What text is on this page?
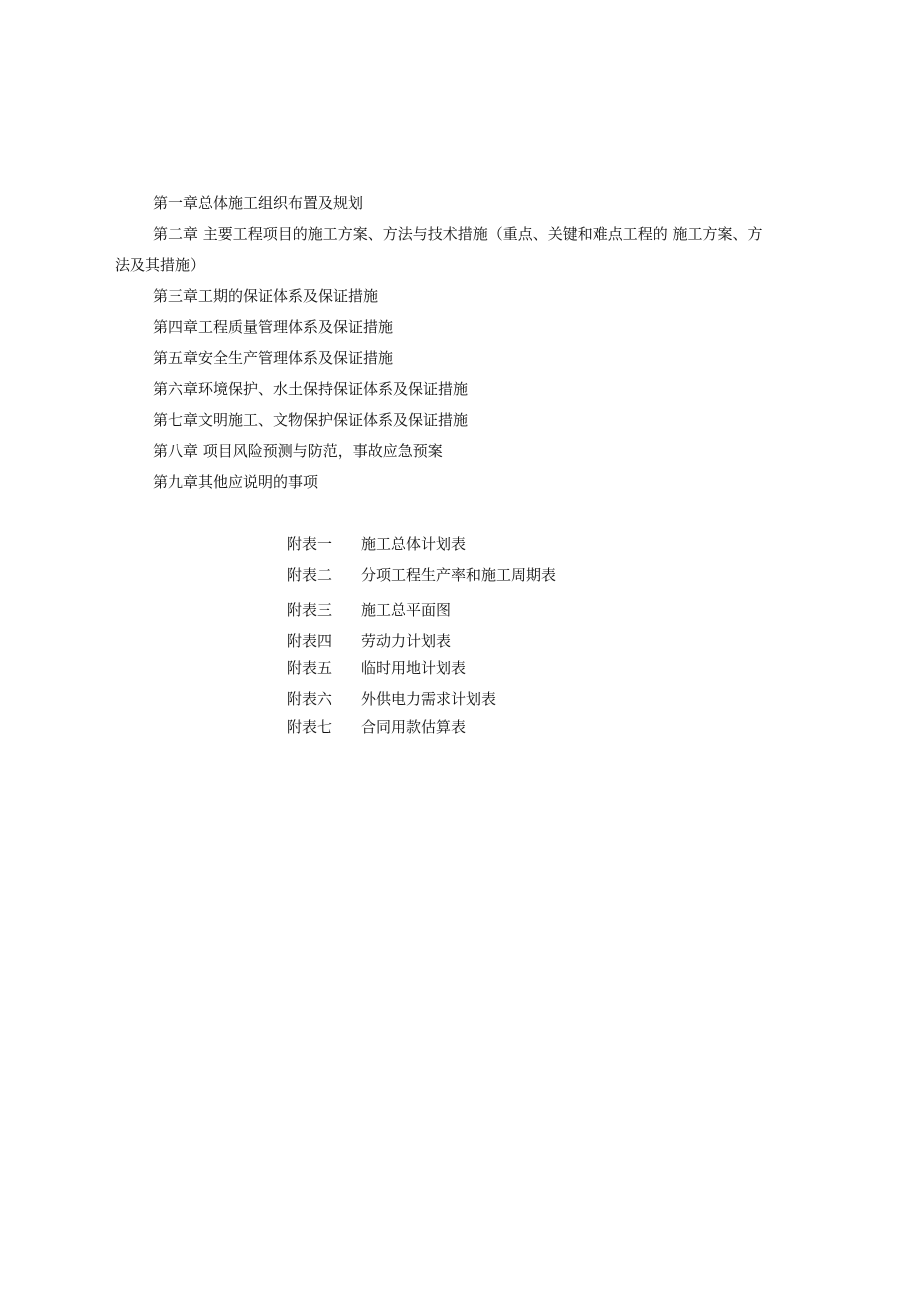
第一章总体施工组织布置及规划

第二章 主要工程项目的施工方案、方法与技术措施（重点、关键和难点工程的 施工方案、方法及其措施）

第三章工期的保证体系及保证措施

第四章工程质量管理体系及保证措施

第五章安全生产管理体系及保证措施

第六章环境保护、水土保持保证体系及保证措施

第七章文明施工、文物保护保证体系及保证措施

第八章 项目风险预测与防范，事故应急预案

第九章其他应说明的事项

附表一 施工总体计划表
附表二 分项工程生产率和施工周期表
附表三 施工总平面图
附表四 劳动力计划表
附表五 临时用地计划表
附表六 外供电力需求计划表
附表七 合同用款估算表
